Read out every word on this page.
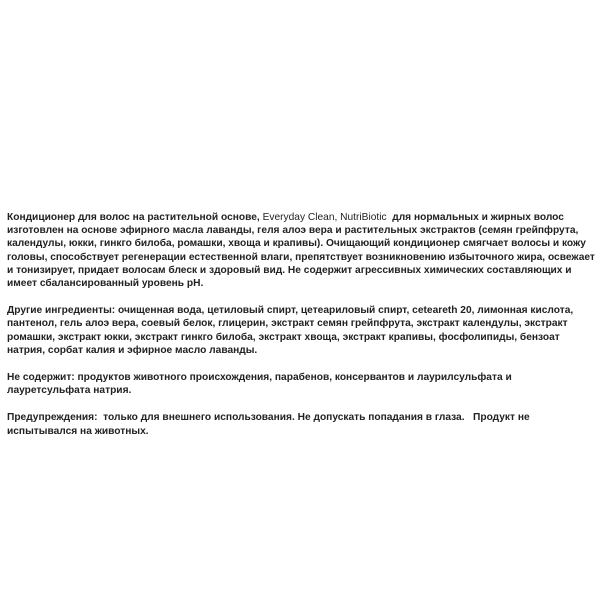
Кондиционер для волос на растительной основе, Everyday Clean, NutriBiotic  для нормальных и жирных волос изготовлен на основе эфирного масла лаванды, геля алоэ вера и растительных экстрактов (семян грейпфрута, календулы, юкки, гинкго билоба, ромашки, хвоща и крапивы). Очищающий кондиционер смягчает волосы и кожу головы, способствует регенерации естественной влаги, препятствует возникновению избыточного жира, освежает и тонизирует, придает волосам блеск и здоровый вид. Не содержит агрессивных химических составляющих и имеет сбалансированный уровень pH.

Другие ингредиенты: очищенная вода, цетиловый спирт, цетеариловый спирт, ceteareth 20, лимонная кислота, пантенол, гель алоэ вера, соевый белок, глицерин, экстракт семян грейпфрута, экстракт календулы, экстракт ромашки, экстракт юкки, экстракт гинкго билоба, экстракт хвоща, экстракт крапивы, фосфолипиды, бензоат натрия, сорбат калия и эфирное масло лаванды.

Не содержит: продуктов животного происхождения, парабенов, консервантов и лаурилсульфата и лауретсульфата натрия.

Предупреждения:  только для внешнего использования. Не допускать попадания в глаза.   Продукт не испытывался на животных.
